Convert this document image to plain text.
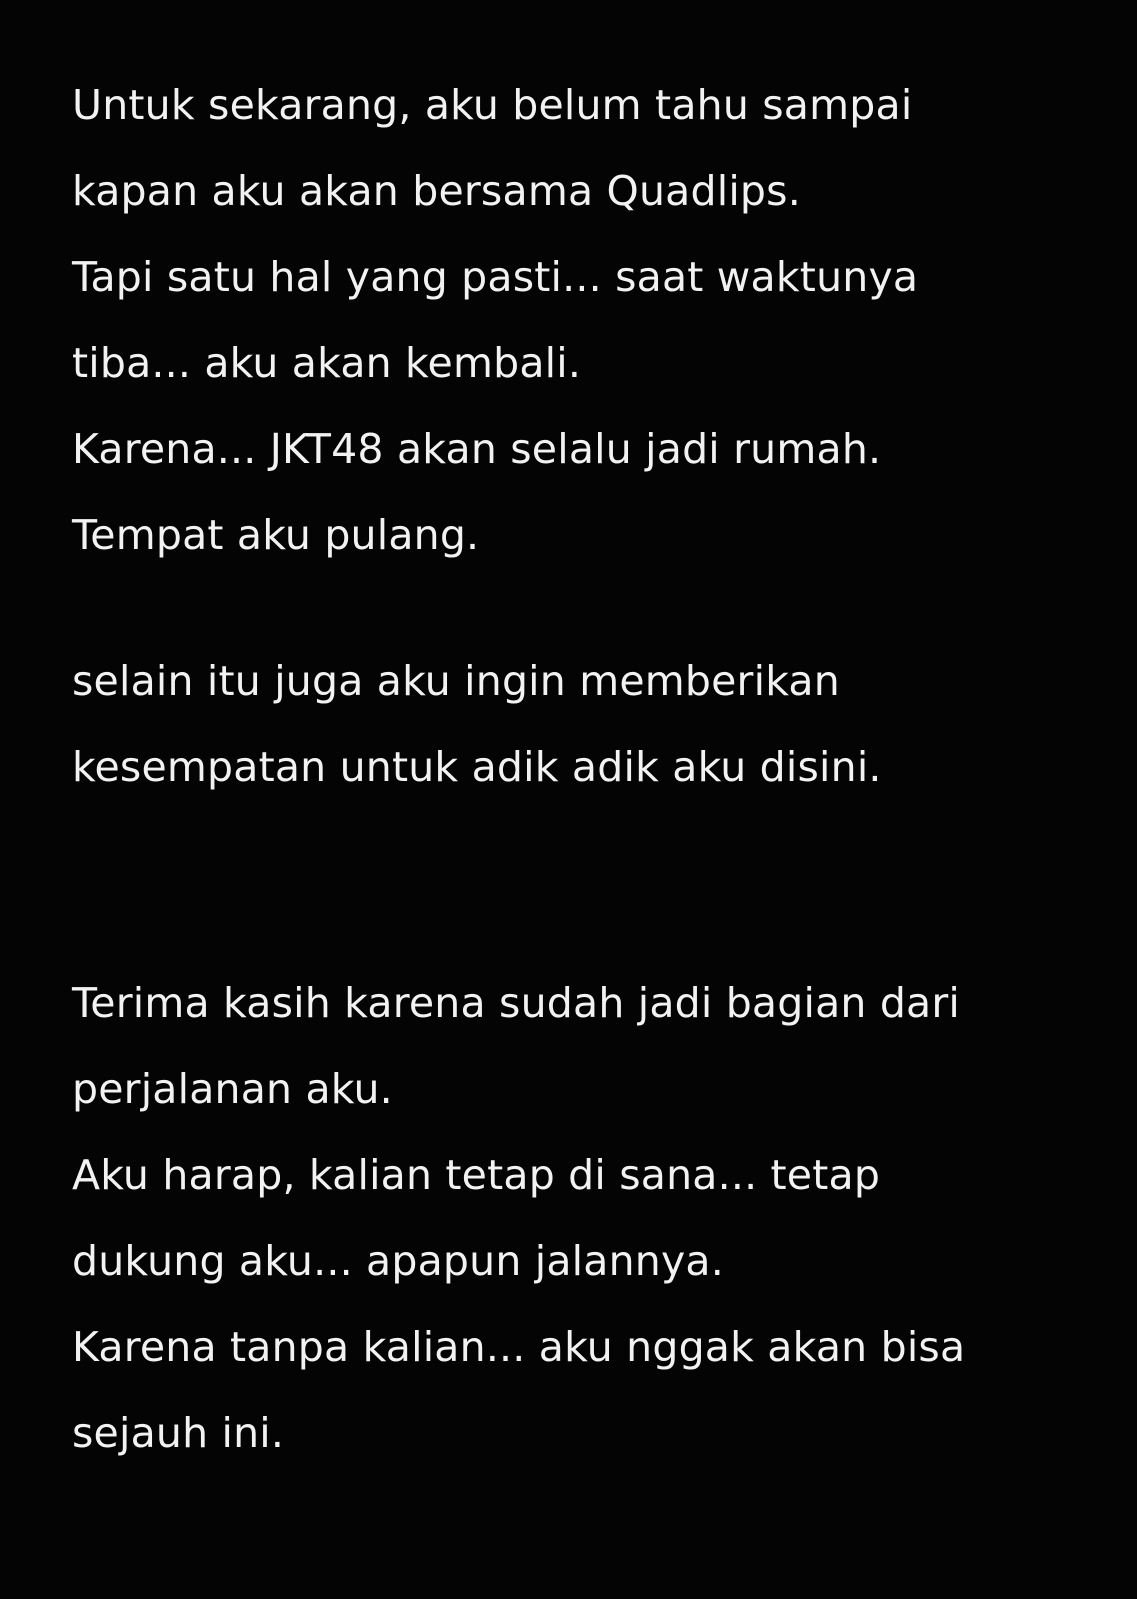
Untuk sekarang, aku belum tahu sampai
kapan aku akan bersama Quadlips.
Tapi satu hal yang pasti... saat waktunya
tiba... aku akan kembali.
Karena... JKT48 akan selalu jadi rumah.
Tempat aku pulang.
selain itu juga aku ingin memberikan
kesempatan untuk adik adik aku disini.
Terima kasih karena sudah jadi bagian dari
perjalanan aku.
Aku harap, kalian tetap di sana... tetap
dukung aku... apapun jalannya.
Karena tanpa kalian... aku nggak akan bisa
sejauh ini.
